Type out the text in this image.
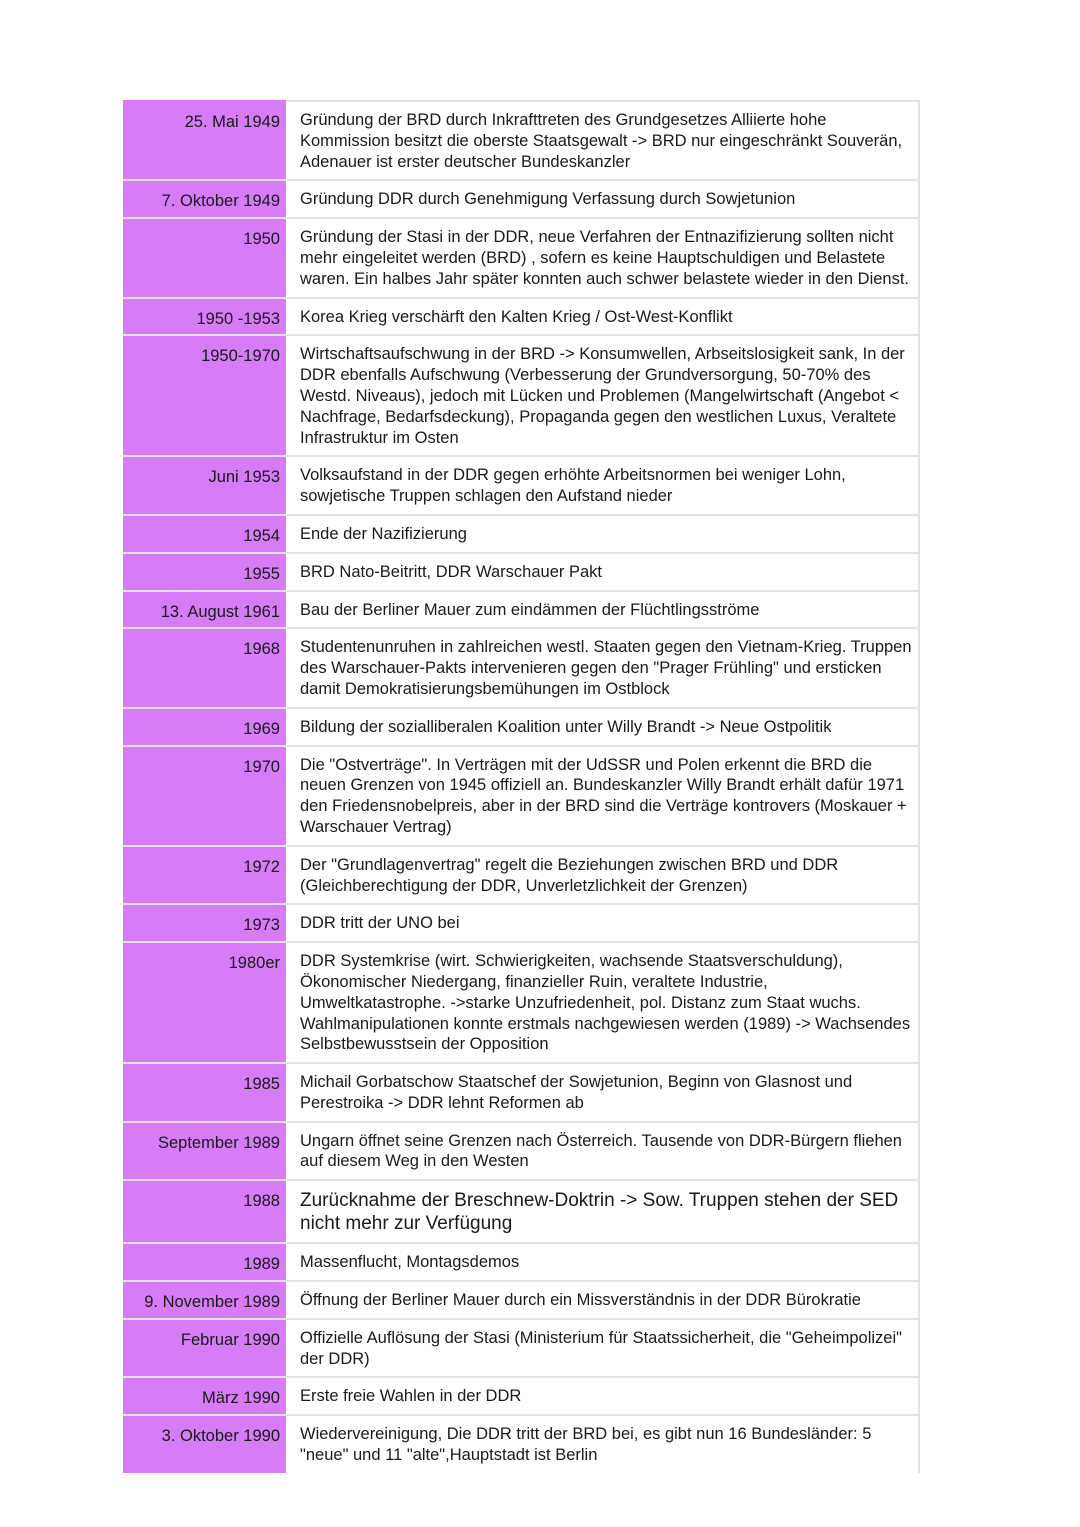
25. Mai 1949	Gründung der BRD durch Inkrafttreten des Grundgesetzes Alliierte hohe Kommission besitzt die oberste Staatsgewalt -> BRD nur eingeschränkt Souverän, Adenauer ist erster deutscher Bundeskanzler
7. Oktober 1949	Gründung DDR durch Genehmigung Verfassung durch Sowjetunion
1950	Gründung der Stasi in der DDR, neue Verfahren der Entnazifizierung sollten nicht mehr eingeleitet werden (BRD) , sofern es keine Hauptschuldigen und Belastete waren. Ein halbes Jahr später konnten auch schwer belastete wieder in den Dienst.
1950 -1953	Korea Krieg verschärft den Kalten Krieg / Ost-West-Konflikt
1950-1970	Wirtschaftsaufschwung in der BRD -> Konsumwellen, Arbseitslosigkeit sank, In der DDR ebenfalls Aufschwung (Verbesserung der Grundversorgung, 50-70% des Westd. Niveaus), jedoch mit Lücken und Problemen (Mangelwirtschaft (Angebot < Nachfrage, Bedarfsdeckung), Propaganda gegen den westlichen Luxus, Veraltete Infrastruktur im Osten
Juni 1953	Volksaufstand in der DDR gegen erhöhte Arbeitsnormen bei weniger Lohn, sowjetische Truppen schlagen den Aufstand nieder
1954	Ende der Nazifizierung
1955	BRD Nato-Beitritt, DDR Warschauer Pakt
13. August 1961	Bau der Berliner Mauer zum eindämmen der Flüchtlingsströme
1968	Studentenunruhen in zahlreichen westl. Staaten gegen den Vietnam-Krieg. Truppen des Warschauer-Pakts intervenieren gegen den "Prager Frühling" und ersticken damit Demokratisierungsbemühungen im Ostblock
1969	Bildung der sozialliberalen Koalition unter Willy Brandt -> Neue Ostpolitik
1970	Die "Ostverträge". In Verträgen mit der UdSSR und Polen erkennt die BRD die neuen Grenzen von 1945 offiziell an. Bundeskanzler Willy Brandt erhält dafür 1971 den Friedensnobelpreis, aber in der BRD sind die Verträge kontrovers (Moskauer + Warschauer Vertrag)
1972	Der "Grundlagenvertrag" regelt die Beziehungen zwischen BRD und DDR (Gleichberechtigung der DDR, Unverletzlichkeit der Grenzen)
1973	DDR tritt der UNO bei
1980er	DDR Systemkrise (wirt. Schwierigkeiten, wachsende Staatsverschuldung), Ökonomischer Niedergang, finanzieller Ruin, veraltete Industrie, Umweltkatastrophe. ->starke Unzufriedenheit, pol. Distanz zum Staat wuchs. Wahlmanipulationen konnte erstmals nachgewiesen werden (1989) -> Wachsendes Selbstbewusstsein der Opposition
1985	Michail Gorbatschow Staatschef der Sowjetunion, Beginn von Glasnost und Perestroika -> DDR lehnt Reformen ab
September 1989	Ungarn öffnet seine Grenzen nach Österreich. Tausende von DDR-Bürgern fliehen auf diesem Weg in den Westen
1988	Zurücknahme der Breschnew-Doktrin -> Sow. Truppen stehen der SED nicht mehr zur Verfügung
1989	Massenflucht, Montagsdemos
9. November 1989	Öffnung der Berliner Mauer durch ein Missverständnis in der DDR Bürokratie
Februar 1990	Offizielle Auflösung der Stasi (Ministerium für Staatssicherheit, die "Geheimpolizei" der DDR)
März 1990	Erste freie Wahlen in der DDR
3. Oktober 1990	Wiedervereinigung, Die DDR tritt der BRD bei, es gibt nun 16 Bundesländer: 5 "neue" und 11 "alte",Hauptstadt ist Berlin
